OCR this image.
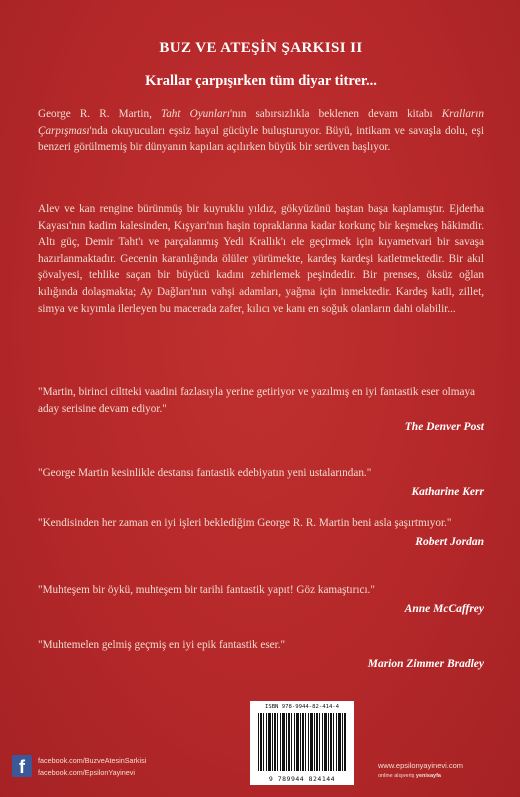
BUZ VE ATEŞİN ŞARKISI II
Krallar çarpışırken tüm diyar titrer...
George R. R. Martin, Taht Oyunları'nın sabırsızlıkla beklenen devam kitabı Kralların Çarpışması'nda okuyucuları eşsiz hayal gücüyle buluşturuyor. Büyü, intikam ve savaşla dolu, eşi benzeri görülmemiş bir dünyanın kapıları açılırken büyük bir serüven başlıyor.
Alev ve kan rengine bürünmüş bir kuyruklu yıldız, gökyüzünü baştan başa kaplamıştır. Ejderha Kayası'nın kadim kalesinden, Kışyarı'nın haşin topraklarına kadar korkunç bir keşmekeş hâkimdir. Altı güç, Demir Taht'ı ve parçalanmış Yedi Krallık'ı ele geçirmek için kıyametvari bir savaşa hazırlanmaktadır. Gecenin karanlığında ölüler yürümekte, kardeş kardeşi katletmektedir. Bir akıl şövalyesi, tehlike saçan bir büyücü kadını zehirlemek peşindedir. Bir prenses, öksüz oğlan kılığında dolaşmakta; Ay Dağları'nın vahşi adamları, yağma için inmektedir. Kardeş katli, zillet, simya ve kıyımla ilerleyen bu macerada zafer, kılıcı ve kanı en soğuk olanların dahi olabilir...
"Martin, birinci ciltteki vaadini fazlasıyla yerine getiriyor ve yazılmış en iyi fantastik eser olmaya aday serisine devam ediyor."
The Denver Post
"George Martin kesinlikle destansı fantastik edebiyatın yeni ustalarından."
Katharine Kerr
"Kendisinden her zaman en iyi işleri beklediğim George R. R. Martin beni asla şaşırtmıyor."
Robert Jordan
"Muhteşem bir öykü, muhteşem bir tarihi fantastik yapıt! Göz kamaştırıcı."
Anne McCaffrey
"Muhtemelen gelmiş geçmiş en iyi epik fantastik eser."
Marion Zimmer Bradley
ISBN 978-9944-82-414-4
9 789944 824144
f	facebook.com/BuzveAtesinSarkisi
facebook.com/EpsilonYayinevi
www.epsilonyayinevi.com
online alışveriş yenisayfa
